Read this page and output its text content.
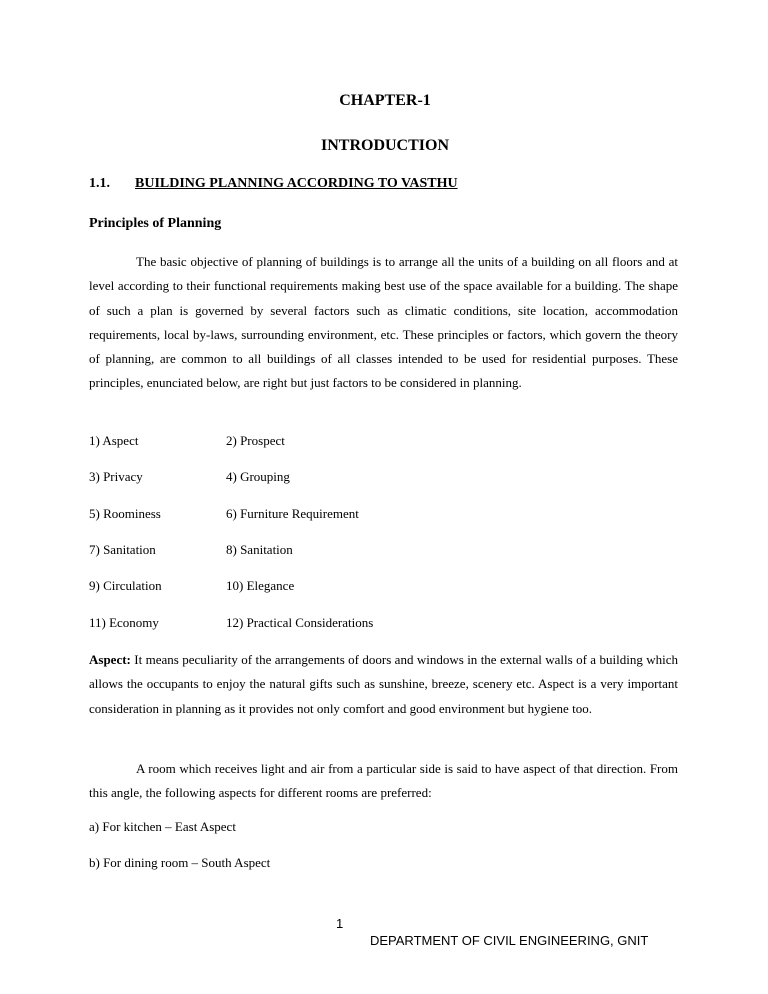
CHAPTER-1
INTRODUCTION
1.1. BUILDING PLANNING ACCORDING TO VASTHU
Principles of Planning

The basic objective of planning of buildings is to arrange all the units of a building on all floors and at level according to their functional requirements making best use of the space available for a building. The shape of such a plan is governed by several factors such as climatic conditions, site location, accommodation requirements, local by-laws, surrounding environment, etc. These principles or factors, which govern the theory of planning, are common to all buildings of all classes intended to be used for residential purposes. These principles, enunciated below, are right but just factors to be considered in planning.

1) Aspect	2) Prospect
3) Privacy	4) Grouping
5) Roominess	6) Furniture Requirement
7) Sanitation	8) Sanitation
9) Circulation	10) Elegance
11) Economy	12) Practical Considerations

Aspect: It means peculiarity of the arrangements of doors and windows in the external walls of a building which allows the occupants to enjoy the natural gifts such as sunshine, breeze, scenery etc. Aspect is a very important consideration in planning as it provides not only comfort and good environment but hygiene too.

A room which receives light and air from a particular side is said to have aspect of that direction. From this angle, the following aspects for different rooms are preferred:

a) For kitchen – East Aspect
b) For dining room – South Aspect
1
DEPARTMENT OF CIVIL ENGINEERING, GNIT
